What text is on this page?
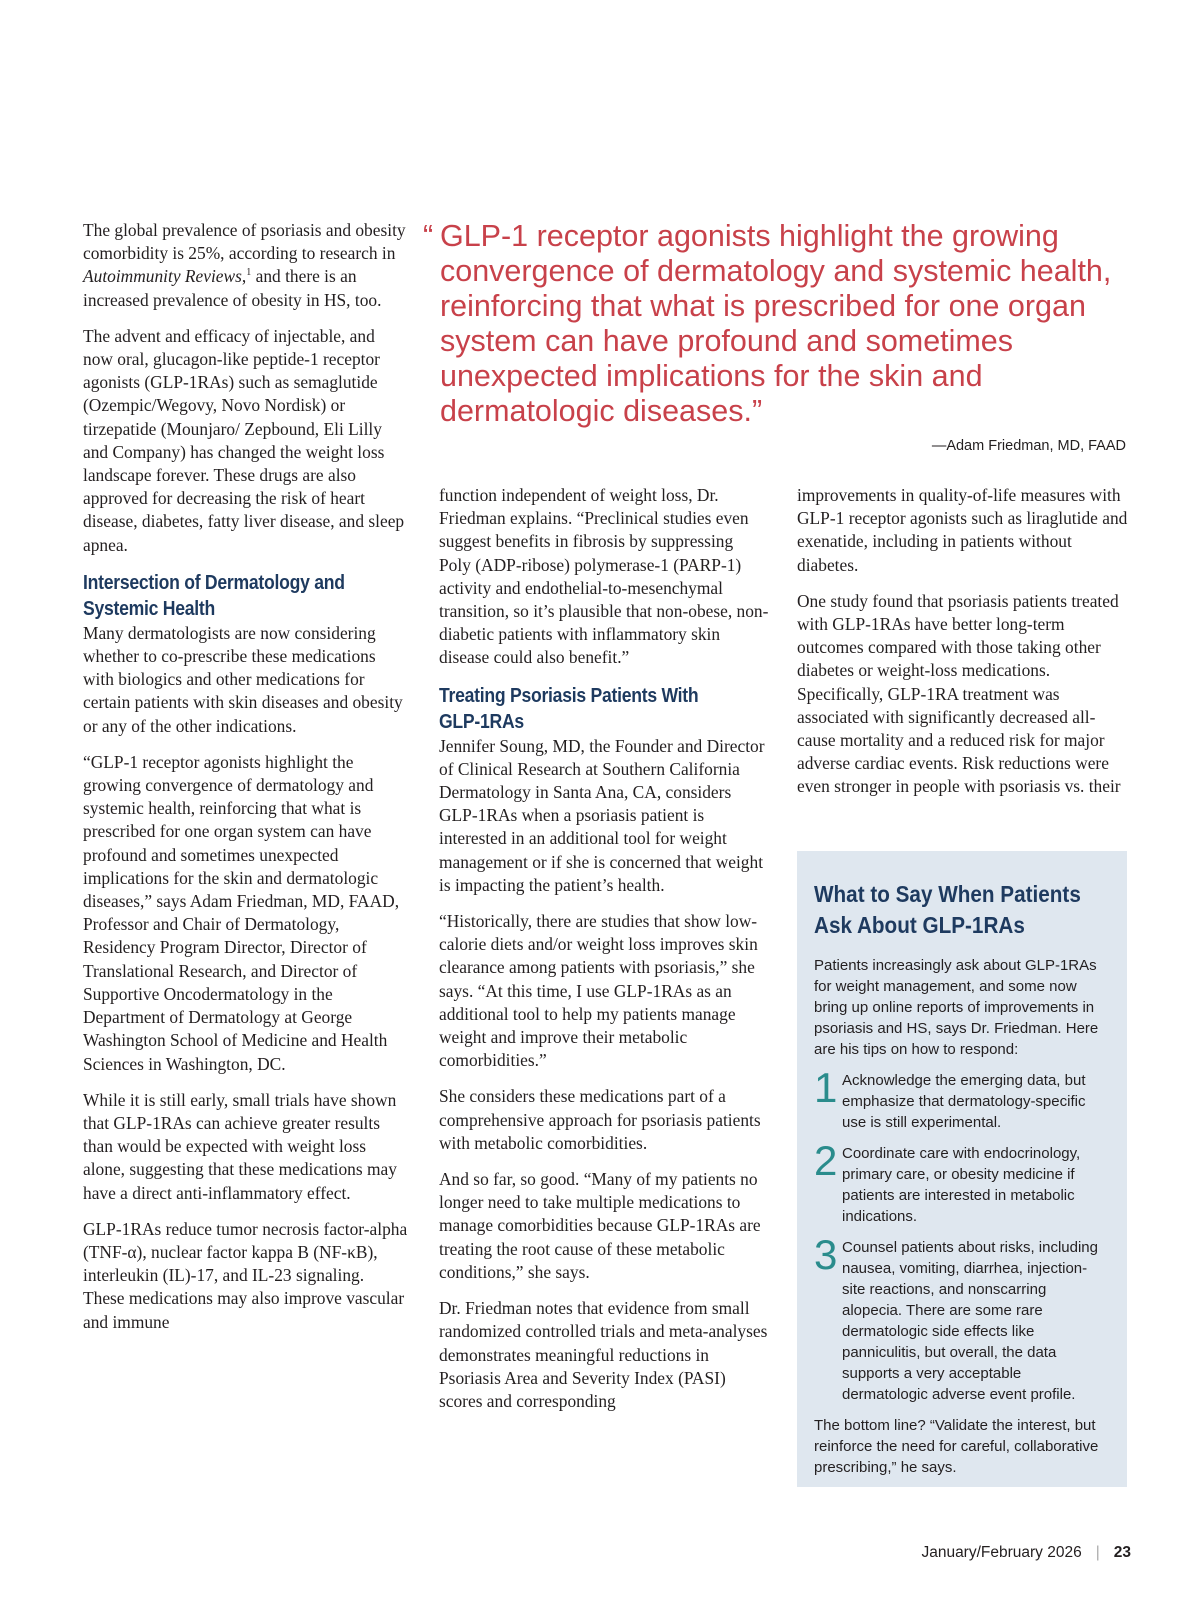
The global prevalence of psoriasis and obesity comorbidity is 25%, according to research in Autoimmunity Reviews,$^1$ and there is an increased prevalence of obesity in HS, too.

The advent and efficacy of injectable, and now oral, glucagon-like peptide-1 receptor agonists (GLP-1RAs) such as semaglutide (Ozempic/Wegovy, Novo Nordisk) or tirzepatide (Mounjaro/ Zepbound, Eli Lilly and Company) has changed the weight loss landscape forever. These drugs are also approved for decreasing the risk of heart disease, diabetes, fatty liver disease, and sleep apnea.

Intersection of Dermatology and Systemic Health

Many dermatologists are now considering whether to co-prescribe these medications with biologics and other medications for certain patients with skin diseases and obesity or any of the other indications.

“GLP-1 receptor agonists highlight the growing convergence of dermatology and systemic health, reinforcing that what is prescribed for one organ system can have profound and sometimes unexpected implications for the skin and dermatologic diseases,” says Adam Friedman, MD, FAAD, Professor and Chair of Dermatology, Residency Program Director, Director of Translational Research, and Director of Supportive Oncodermatology in the Department of Dermatology at George Washington School of Medicine and Health Sciences in Washington, DC.

While it is still early, small trials have shown that GLP-1RAs can achieve greater results than would be expected with weight loss alone, suggesting that these medications may have a direct anti-inflammatory effect.

GLP-1RAs reduce tumor necrosis factor-alpha (TNF-α), nuclear factor kappa B (NF-κB), interleukin (IL)-17, and IL-23 signaling. These medications may also improve vascular and immune

“ GLP-1 receptor agonists highlight the growing convergence of dermatology and systemic health, reinforcing that what is prescribed for one organ system can have profound and sometimes unexpected implications for the skin and dermatologic diseases.”
—Adam Friedman, MD, FAAD

function independent of weight loss, Dr. Friedman explains. “Preclinical studies even suggest benefits in fibrosis by suppressing Poly (ADP-ribose) polymerase-1 (PARP-1) activity and endothelial-to-mesenchymal transition, so it’s plausible that non-obese, non-diabetic patients with inflammatory skin disease could also benefit.”

Treating Psoriasis Patients With GLP-1RAs

Jennifer Soung, MD, the Founder and Director of Clinical Research at Southern California Dermatology in Santa Ana, CA, considers GLP-1RAs when a psoriasis patient is interested in an additional tool for weight management or if she is concerned that weight is impacting the patient’s health.

“Historically, there are studies that show low-calorie diets and/or weight loss improves skin clearance among patients with psoriasis,” she says. “At this time, I use GLP-1RAs as an additional tool to help my patients manage weight and improve their metabolic comorbidities.”

She considers these medications part of a comprehensive approach for psoriasis patients with metabolic comorbidities.

And so far, so good. “Many of my patients no longer need to take multiple medications to manage comorbidities because GLP-1RAs are treating the root cause of these metabolic conditions,” she says.

Dr. Friedman notes that evidence from small randomized controlled trials and meta-analyses demonstrates meaningful reductions in Psoriasis Area and Severity Index (PASI) scores and corresponding

improvements in quality-of-life measures with GLP-1 receptor agonists such as liraglutide and exenatide, including in patients without diabetes.

One study found that psoriasis patients treated with GLP-1RAs have better long-term outcomes compared with those taking other diabetes or weight-loss medications. Specifically, GLP-1RA treatment was associated with significantly decreased all-cause mortality and a reduced risk for major adverse cardiac events. Risk reductions were even stronger in people with psoriasis vs. their

What to Say When Patients Ask About GLP-1RAs

Patients increasingly ask about GLP-1RAs for weight management, and some now bring up online reports of improvements in psoriasis and HS, says Dr. Friedman. Here are his tips on how to respond:

1 Acknowledge the emerging data, but emphasize that dermatology-specific use is still experimental.
2 Coordinate care with endocrinology, primary care, or obesity medicine if patients are interested in metabolic indications.
3 Counsel patients about risks, including nausea, vomiting, diarrhea, injection-site reactions, and nonscarring alopecia. There are some rare dermatologic side effects like panniculitis, but overall, the data supports a very acceptable dermatologic adverse event profile.

The bottom line? “Validate the interest, but reinforce the need for careful, collaborative prescribing,” he says.

January/February 2026 | 23
